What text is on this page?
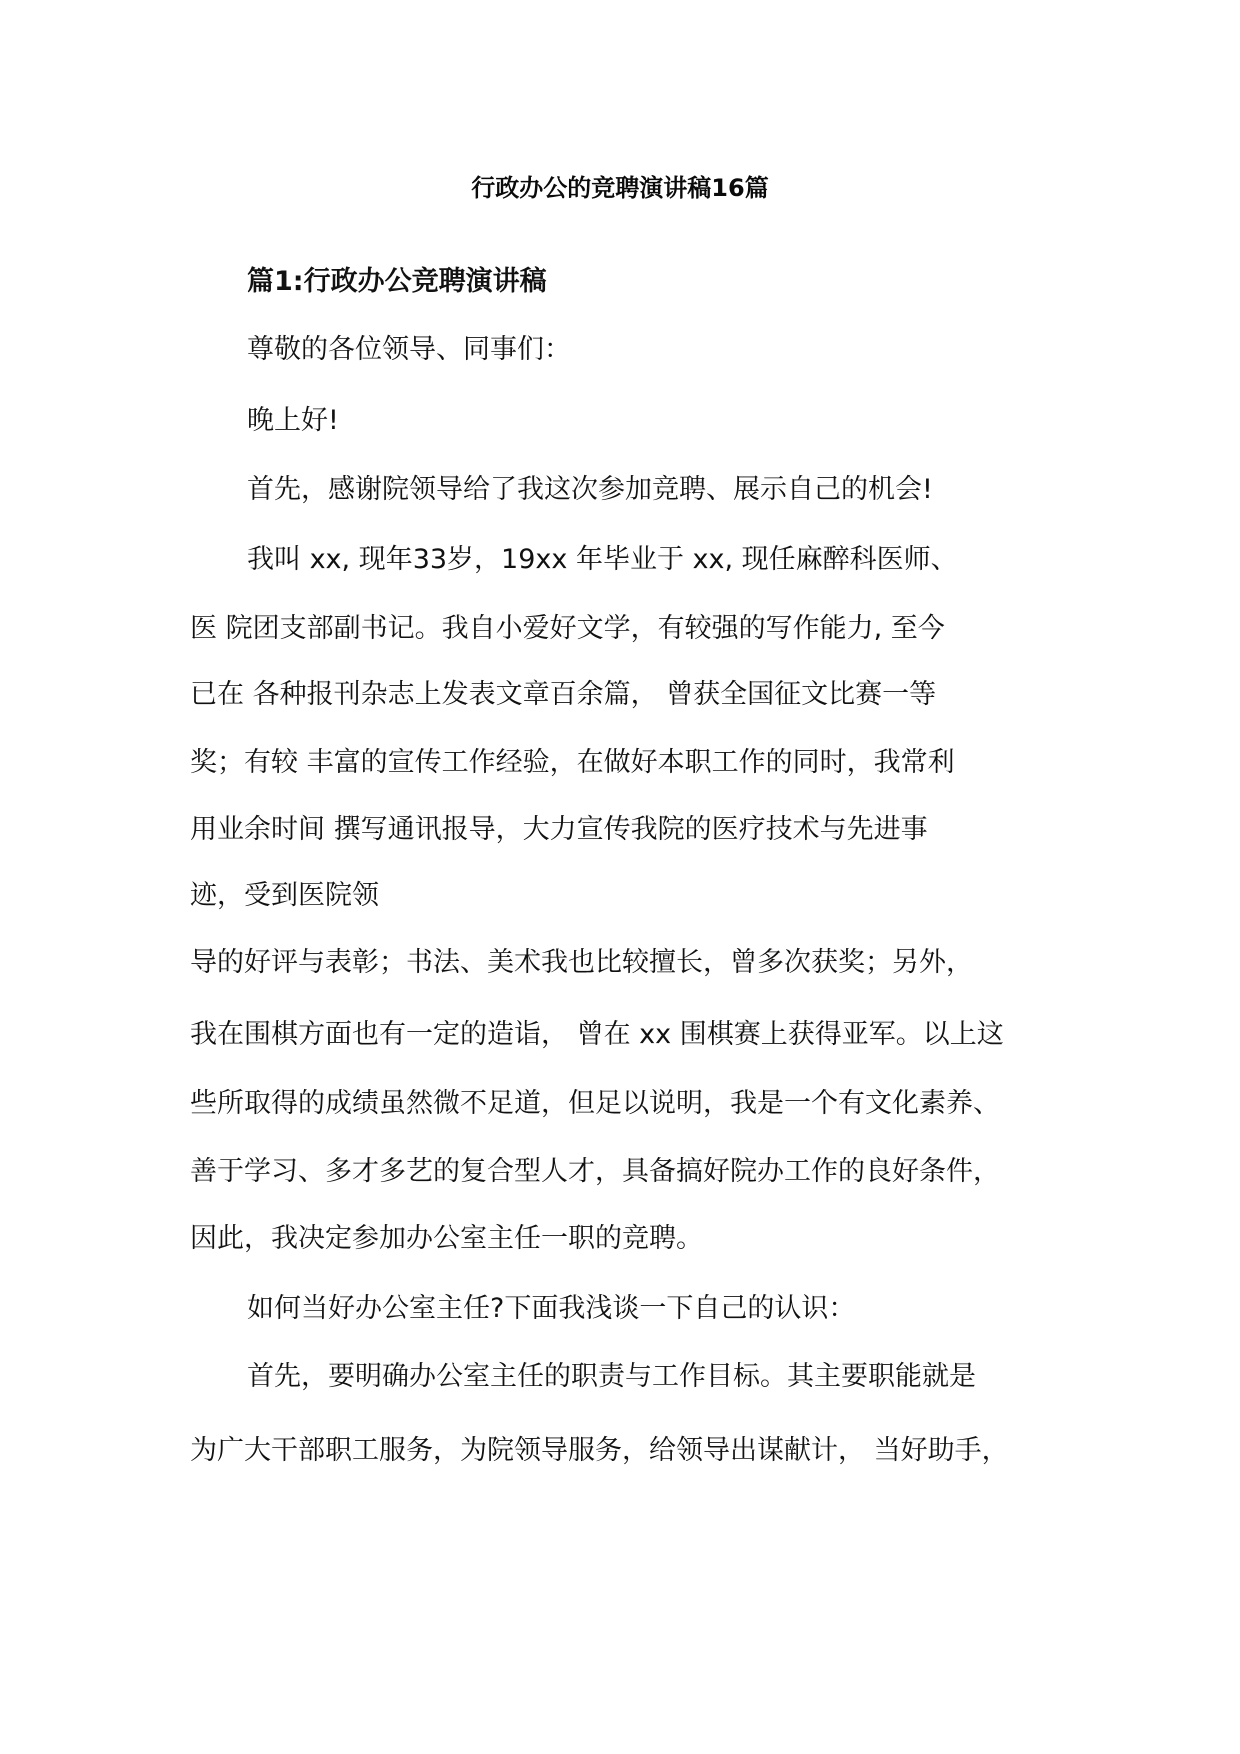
行政办公的竞聘演讲稿16篇
篇1:行政办公竞聘演讲稿
尊敬的各位领导、同事们：
晚上好!
首先，感谢院领导给了我这次参加竞聘、展示自己的机会!
我叫 xx, 现年33岁，19xx 年毕业于 xx, 现任麻醉科医师、
医 院团支部副书记。我自小爱好文学，有较强的写作能力, 至今
已在 各种报刊杂志上发表文章百余篇， 曾获全国征文比赛一等
奖；有较 丰富的宣传工作经验，在做好本职工作的同时，我常利
用业余时间 撰写通讯报导，大力宣传我院的医疗技术与先进事
迹，受到医院领
导的好评与表彰；书法、美术我也比较擅长，曾多次获奖；另外，
我在围棋方面也有一定的造诣， 曾在 xx 围棋赛上获得亚军。以上这
些所取得的成绩虽然微不足道，但足以说明，我是一个有文化素养、
善于学习、多才多艺的复合型人才，具备搞好院办工作的良好条件，
因此，我决定参加办公室主任一职的竞聘。
如何当好办公室主任?下面我浅谈一下自己的认识：
首先，要明确办公室主任的职责与工作目标。其主要职能就是
为广大干部职工服务，为院领导服务，给领导出谋献计， 当好助手，
